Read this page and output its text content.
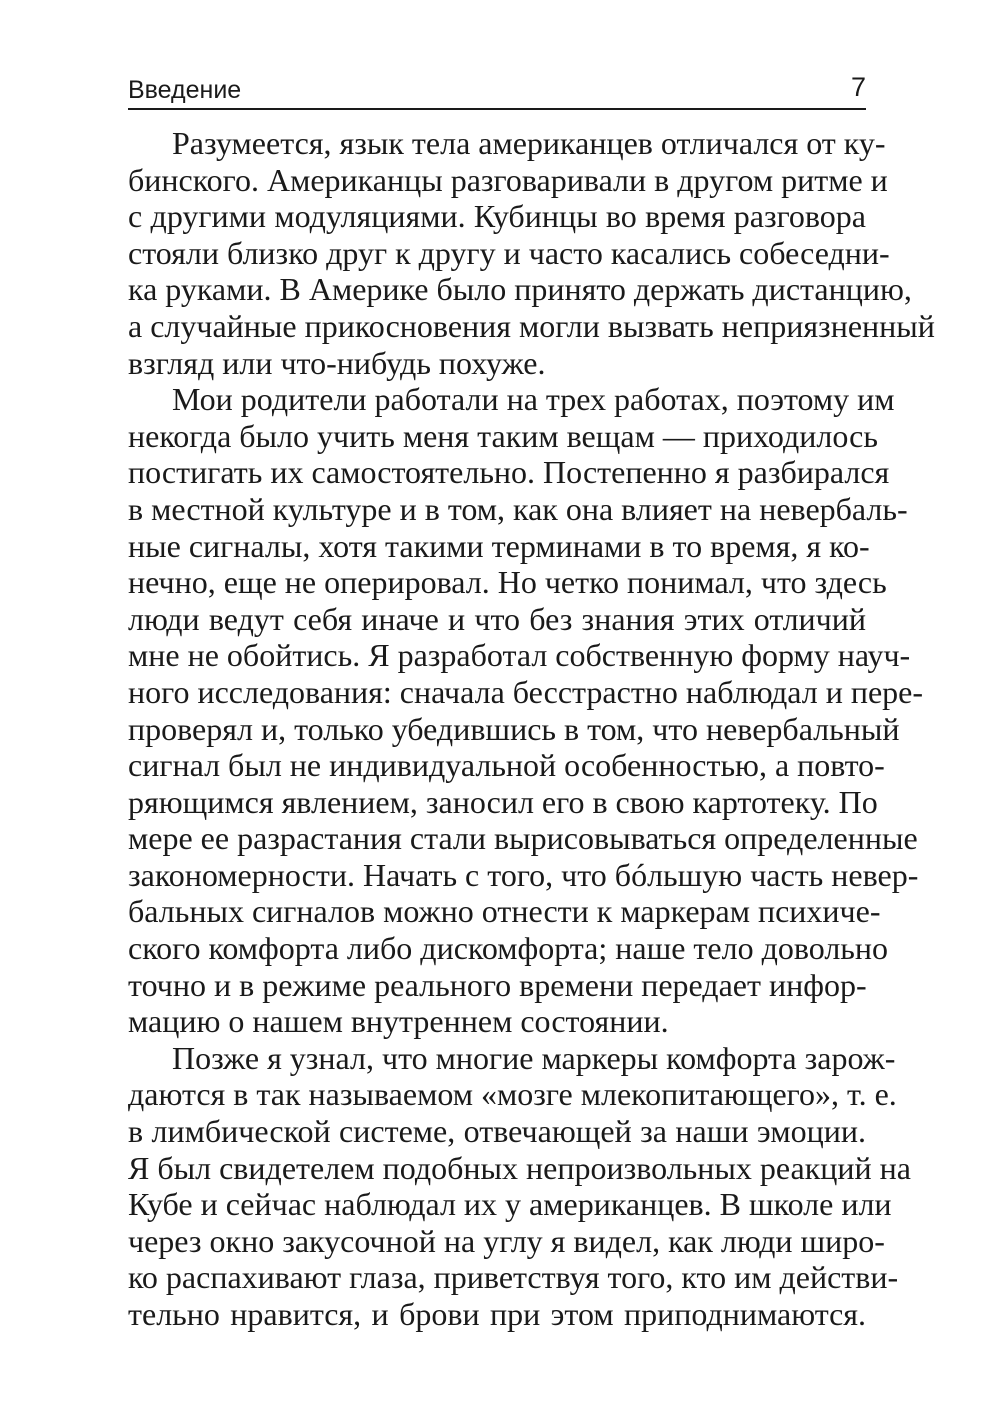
Введение	7

Разумеется, язык тела американцев отличался от ку-
бинского. Американцы разговаривали в другом ритме и
с другими модуляциями. Кубинцы во время разговора
стояли близко друг к другу и часто касались собеседни-
ка руками. В Америке было принято держать дистанцию,
а случайные прикосновения могли вызвать неприязненный
взгляд или что-нибудь похуже.

Мои родители работали на трех работах, поэтому им
некогда было учить меня таким вещам — приходилось
постигать их самостоятельно. Постепенно я разбирался
в местной культуре и в том, как она влияет на невербаль-
ные сигналы, хотя такими терминами в то время, я ко-
нечно, еще не оперировал. Но четко понимал, что здесь
люди ведут себя иначе и что без знания этих отличий
мне не обойтись. Я разработал собственную форму науч-
ного исследования: сначала бесстрастно наблюдал и пере-
проверял и, только убедившись в том, что невербальный
сигнал был не индивидуальной особенностью, а повто-
ряющимся явлением, заносил его в свою картотеку. По
мере ее разрастания стали вырисовываться определенные
закономерности. Начать с того, что бóльшую часть невер-
бальных сигналов можно отнести к маркерам психиче-
ского комфорта либо дискомфорта; наше тело довольно
точно и в режиме реального времени передает инфор-
мацию о нашем внутреннем состоянии.

Позже я узнал, что многие маркеры комфорта зарож-
даются в так называемом «мозге млекопитающего», т. е.
в лимбической системе, отвечающей за наши эмоции.
Я был свидетелем подобных непроизвольных реакций на
Кубе и сейчас наблюдал их у американцев. В школе или
через окно закусочной на углу я видел, как люди широ-
ко распахивают глаза, приветствуя того, кто им действи-
тельно нравится, и брови при этом приподнимаются.
